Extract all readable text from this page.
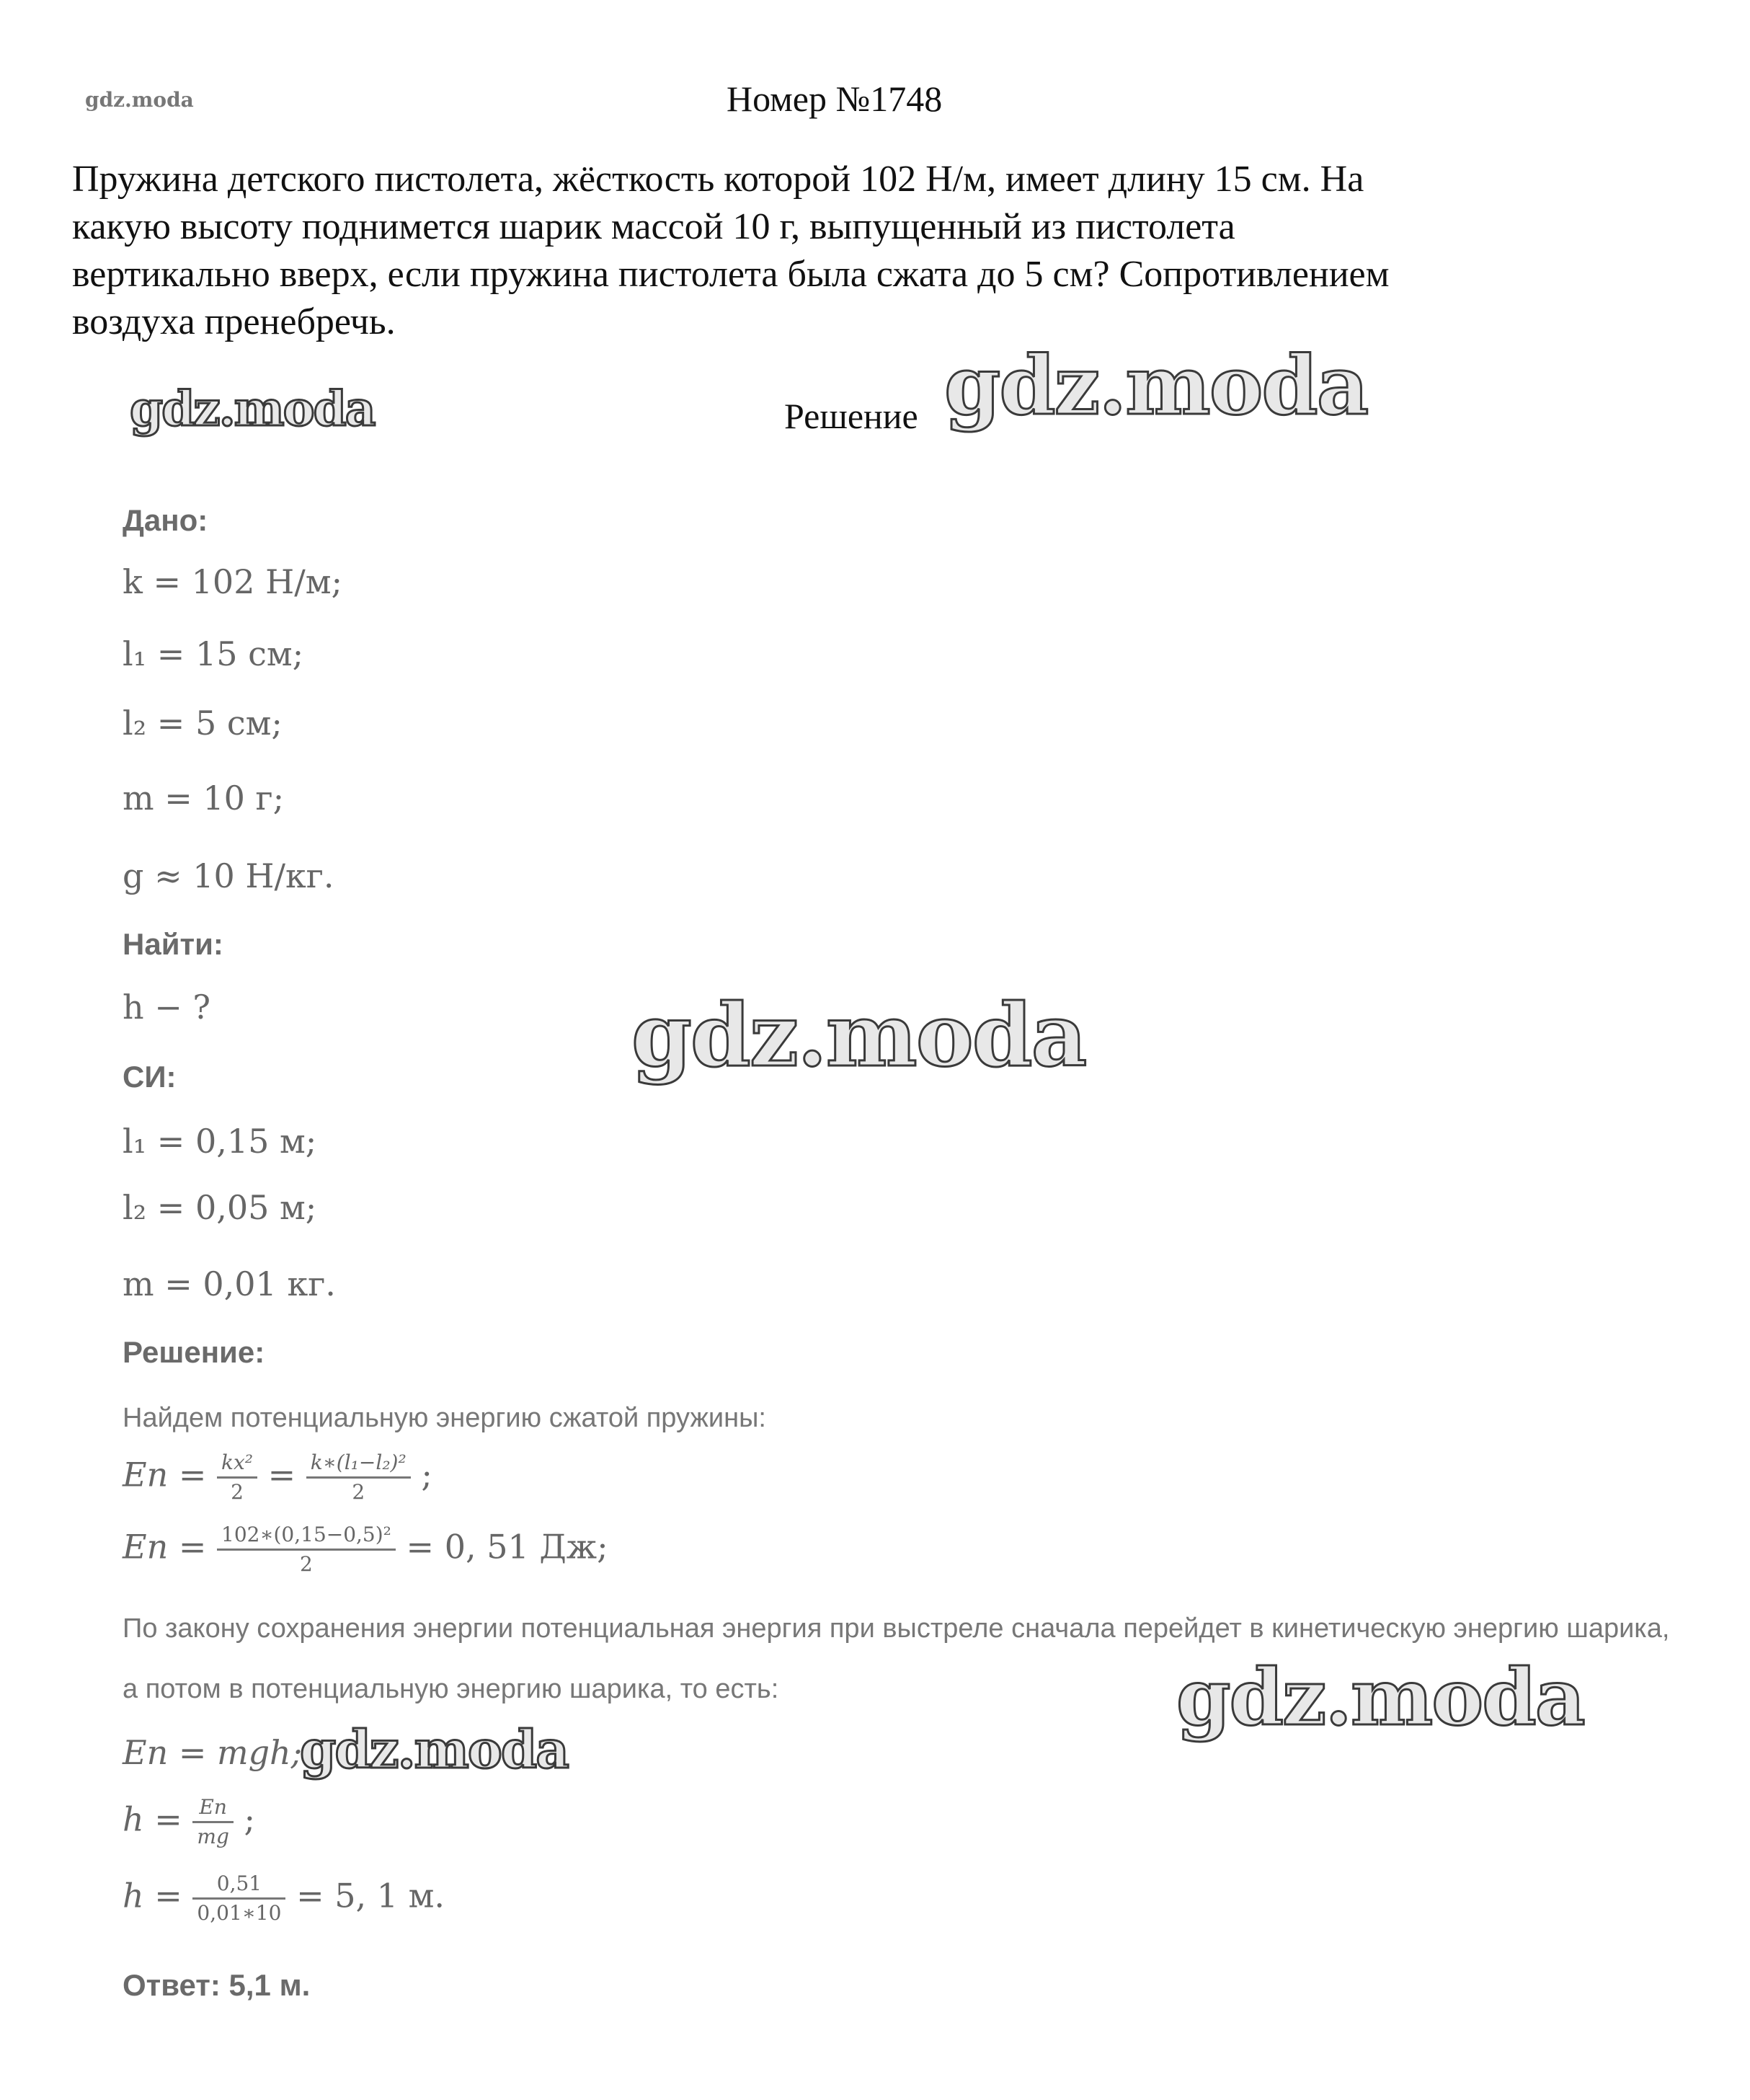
gdz.moda	Номер №1748
Пружина детского пистолета, жёсткость которой 102 Н/м, имеет длину 15 см. На
какую высоту поднимется шарик массой 10 г, выпущенный из пистолета
вертикально вверх, если пружина пистолета была сжата до 5 см? Сопротивлением
воздуха пренебречь.
gdz.moda	Решение gdz.moda
Дано:
k = 102 Н/м;
l₁ = 15 см;
l₂ = 5 см;
m = 10 г;
g ≈ 10 Н/кг.
Найти:
h − ?	gdz.moda
СИ:
l₁ = 0,15 м;
l₂ = 0,05 м;
m = 0,01 кг.
Решение:
Найдем потенциальную энергию сжатой пружины:
Eп = $\frac{\text{kx²}}{2} = \frac{\text{k∗(l₁−l₂)²}}{2}$ ;
Eп = $\frac{\text{102∗(0,15−0,5)²}}{2} = 0$, 51 Дж;
По закону сохранения энергии потенциальная энергия при выстреле сначала перейдет в кинетическую энергию шарика,
а потом в потенциальную энергию шарика, то есть:	gdz.moda
Eп = mgh;
gdz.moda
$h = \frac{Eп}{mg}$ ;
$h = \frac{0,51}{0,01∗10} = 5$, 1 м.
Ответ: 5,1 м.
